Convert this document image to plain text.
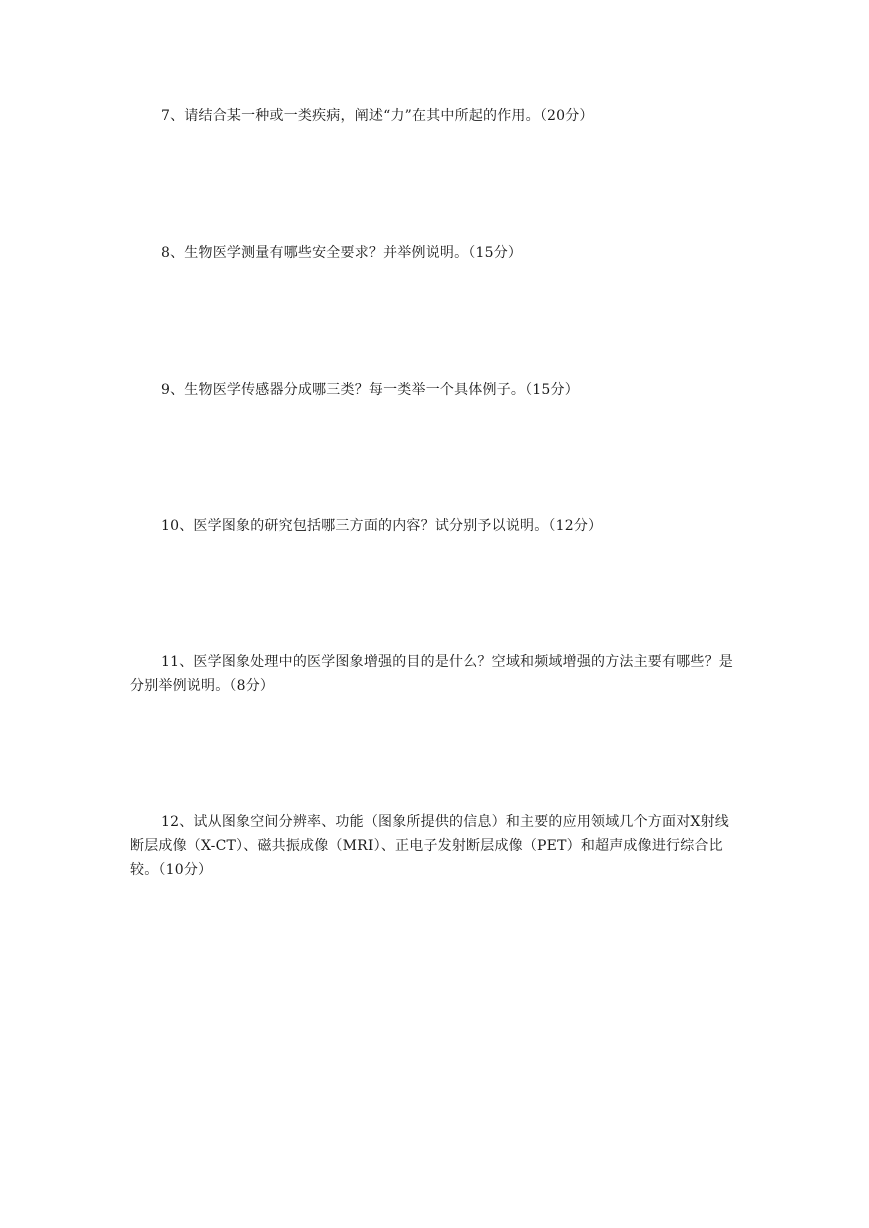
7、请结合某一种或一类疾病，阐述“力”在其中所起的作用。（20分）

8、生物医学测量有哪些安全要求？并举例说明。（15分）

9、生物医学传感器分成哪三类？每一类举一个具体例子。（15分）

10、医学图象的研究包括哪三方面的内容？试分别予以说明。（12分）

11、医学图象处理中的医学图象增强的目的是什么？空域和频域增强的方法主要有哪些？是分别举例说明。（8分）

12、试从图象空间分辨率、功能（图象所提供的信息）和主要的应用领域几个方面对X射线断层成像（X-CT）、磁共振成像（MRI）、正电子发射断层成像（PET）和超声成像进行综合比较。（10分）
